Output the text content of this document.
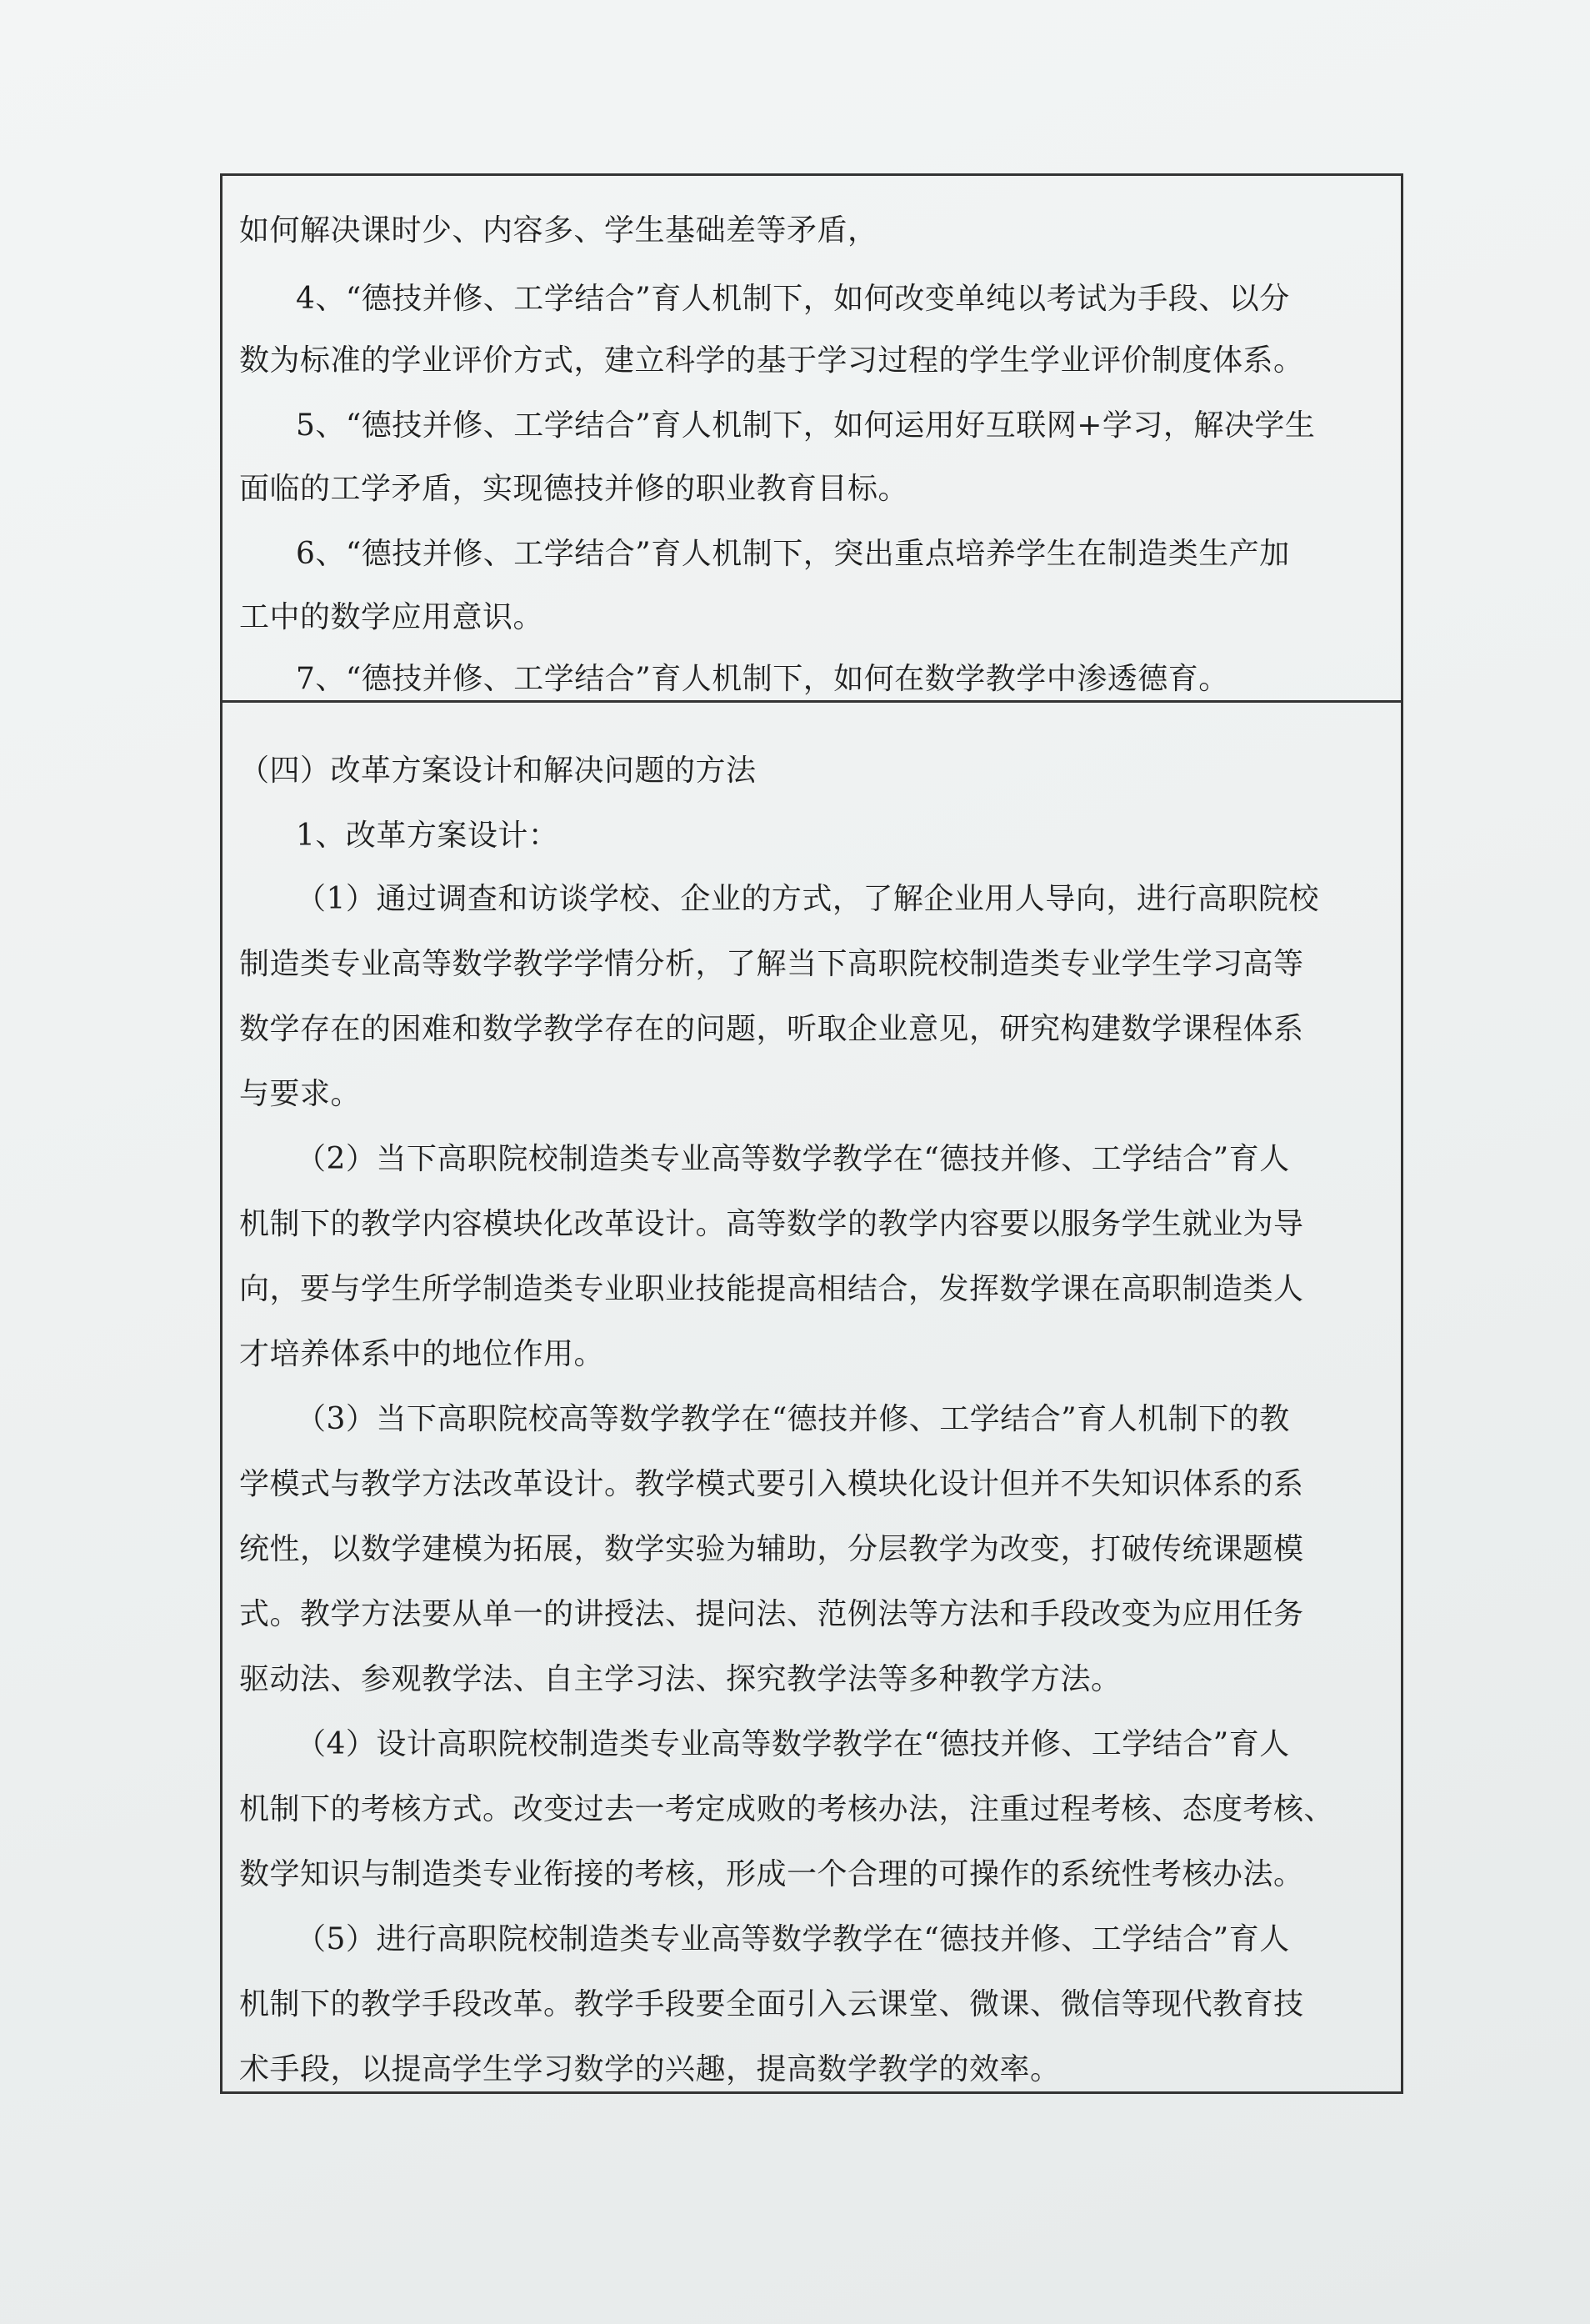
如何解决课时少、内容多、学生基础差等矛盾，
4、“德技并修、工学结合”育人机制下，如何改变单纯以考试为手段、以分
数为标准的学业评价方式，建立科学的基于学习过程的学生学业评价制度体系。
5、“德技并修、工学结合”育人机制下，如何运用好互联网+学习，解决学生
面临的工学矛盾，实现德技并修的职业教育目标。
6、“德技并修、工学结合”育人机制下，突出重点培养学生在制造类生产加
工中的数学应用意识。
7、“德技并修、工学结合”育人机制下，如何在数学教学中渗透德育。
（四）改革方案设计和解决问题的方法
1、改革方案设计：
（1）通过调查和访谈学校、企业的方式，了解企业用人导向，进行高职院校
制造类专业高等数学教学学情分析，了解当下高职院校制造类专业学生学习高等
数学存在的困难和数学教学存在的问题，听取企业意见，研究构建数学课程体系
与要求。
（2）当下高职院校制造类专业高等数学教学在“德技并修、工学结合”育人
机制下的教学内容模块化改革设计。高等数学的教学内容要以服务学生就业为导
向，要与学生所学制造类专业职业技能提高相结合，发挥数学课在高职制造类人
才培养体系中的地位作用。
（3）当下高职院校高等数学教学在“德技并修、工学结合”育人机制下的教
学模式与教学方法改革设计。教学模式要引入模块化设计但并不失知识体系的系
统性，以数学建模为拓展，数学实验为辅助，分层教学为改变，打破传统课题模
式。教学方法要从单一的讲授法、提问法、范例法等方法和手段改变为应用任务
驱动法、参观教学法、自主学习法、探究教学法等多种教学方法。
（4）设计高职院校制造类专业高等数学教学在“德技并修、工学结合”育人
机制下的考核方式。改变过去一考定成败的考核办法，注重过程考核、态度考核、
数学知识与制造类专业衔接的考核，形成一个合理的可操作的系统性考核办法。
（5）进行高职院校制造类专业高等数学教学在“德技并修、工学结合”育人
机制下的教学手段改革。教学手段要全面引入云课堂、微课、微信等现代教育技
术手段，以提高学生学习数学的兴趣，提高数学教学的效率。
